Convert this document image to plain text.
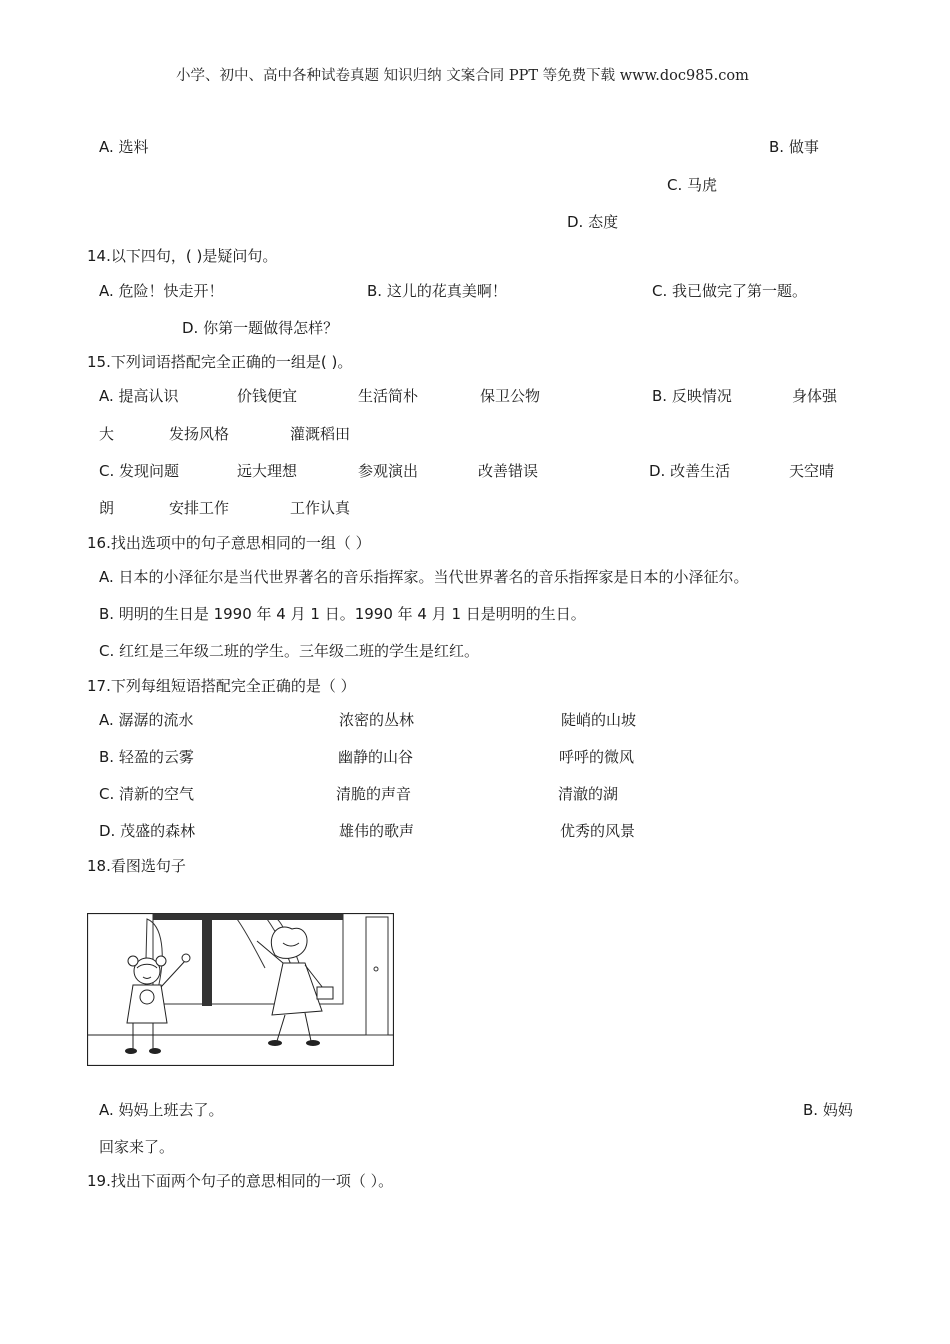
小学、初中、高中各种试卷真题 知识归纳 文案合同 PPT 等免费下载 www.doc985.com
A. 选料	B. 做事
C. 马虎
D. 态度
14.以下四句，( )是疑问句。
A. 危险！快走开！	B. 这儿的花真美啊！	C. 我已做完了第一题。
D. 你第一题做得怎样？
15.下列词语搭配完全正确的一组是( )。
A. 提高认识	价钱便宜	生活简朴	保卫公物	B. 反映情况	身体强
大	发扬风格	灌溉稻田
C. 发现问题	远大理想	参观演出	改善错误	D. 改善生活	天空晴
朗	安排工作	工作认真
16.找出选项中的句子意思相同的一组（ ）
A. 日本的小泽征尔是当代世界著名的音乐指挥家。当代世界著名的音乐指挥家是日本的小泽征尔。
B. 明明的生日是 1990 年 4 月 1 日。1990 年 4 月 1 日是明明的生日。
C. 红红是三年级二班的学生。三年级二班的学生是红红。
17.下列每组短语搭配完全正确的是（ ）
A. 潺潺的流水	浓密的丛林	陡峭的山坡
B. 轻盈的云雾	幽静的山谷	呼呼的微风
C. 清新的空气	清脆的声音	清澈的湖
D. 茂盛的森林	雄伟的歌声	优秀的风景
18.看图选句子
A. 妈妈上班去了。	B. 妈妈
回家来了。
19.找出下面两个句子的意思相同的一项（ ）。
